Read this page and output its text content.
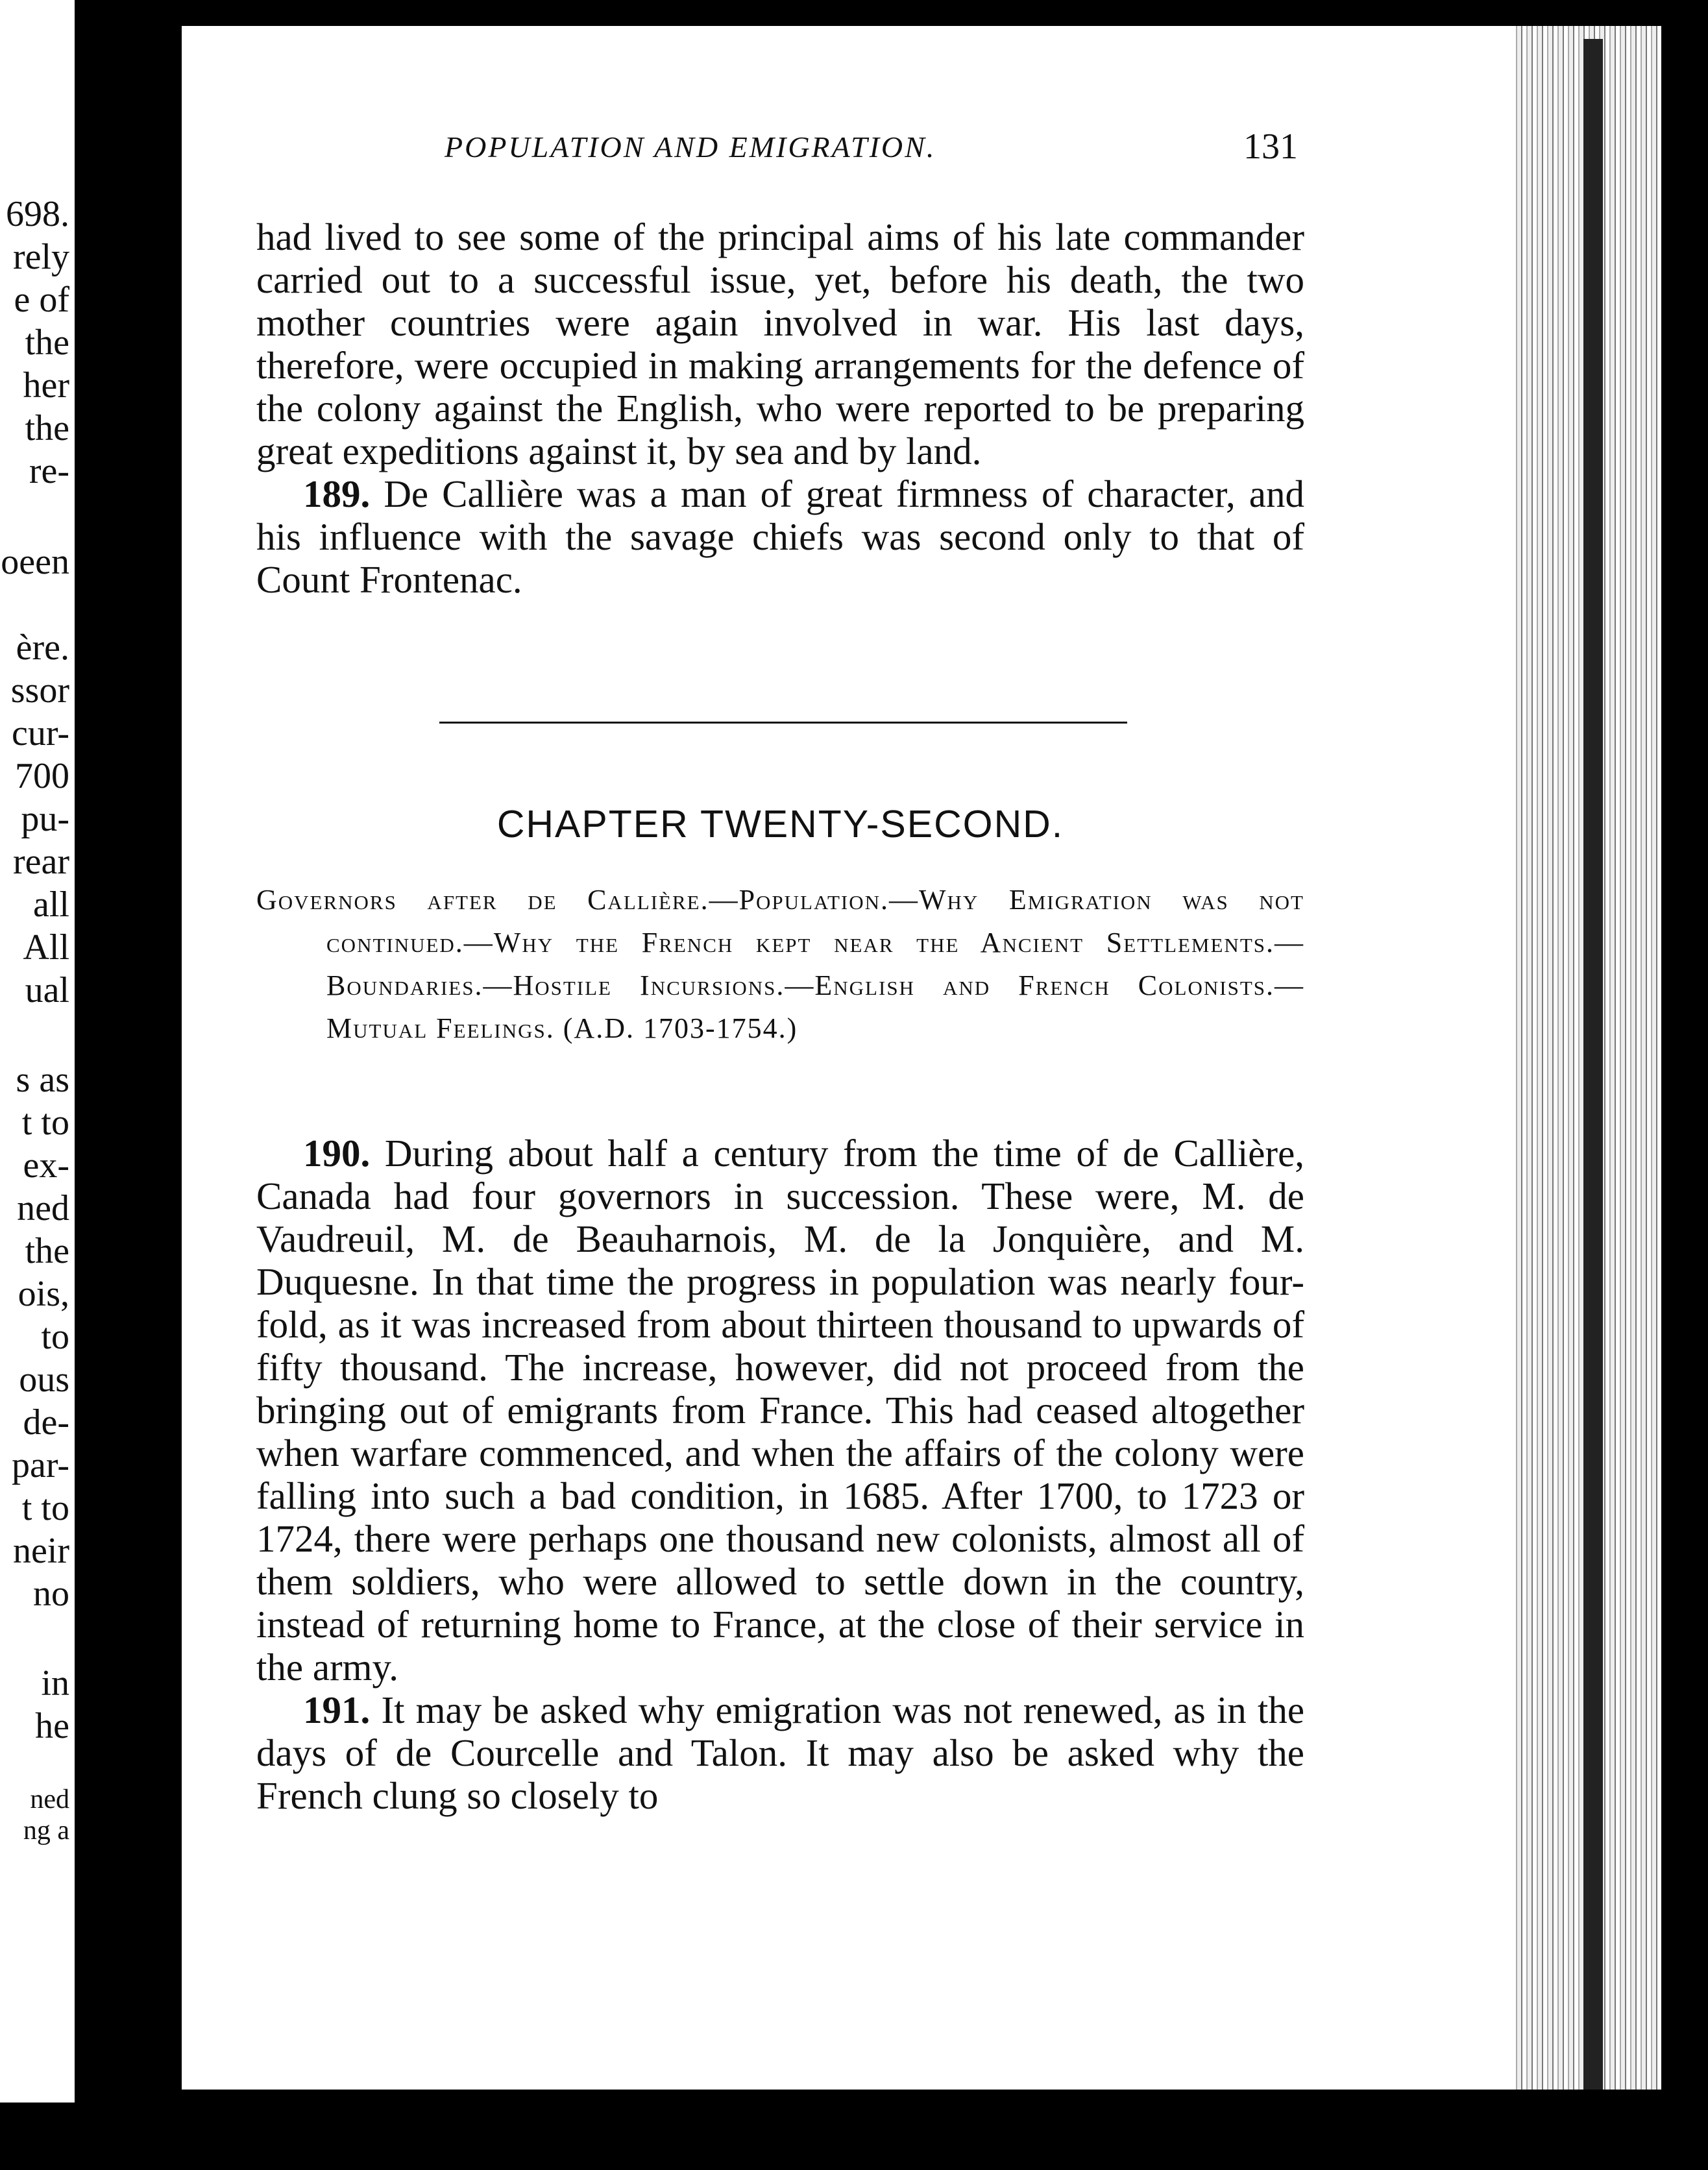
698.
rely
e of
the
her
the
re-
oeen
ère.
ssor
cur-
700
pu-
rear
all
All
ual
s as
t to
ex-
ned
the
ois,
to
ous
de-
par-
t to
neir
no
in
he
ned
ng a
POPULATION AND EMIGRATION.	131

had lived to see some of the principal aims of his late commander carried out to a successful issue, yet, before his death, the two mother countries were again involved in war. His last days, therefore, were occupied in making arrangements for the defence of the colony against the English, who were reported to be preparing great expeditions against it, by sea and by land.

189. De Callière was a man of great firmness of character, and his influence with the savage chiefs was second only to that of Count Frontenac.

CHAPTER TWENTY-SECOND.

Governors after de Callière.—Population.—Why Emigration was not continued.—Why the French kept near the Ancient Settlements.—Boundaries.—Hostile Incursions.—English and French Colonists.—Mutual Feelings. (A.D. 1703-1754.)

190. During about half a century from the time of de Callière, Canada had four governors in succession. These were, M. de Vaudreuil, M. de Beauharnois, M. de la Jonquière, and M. Duquesne. In that time the progress in population was nearly four-fold, as it was increased from about thirteen thousand to upwards of fifty thousand. The increase, however, did not proceed from the bringing out of emigrants from France. This had ceased altogether when warfare commenced, and when the affairs of the colony were falling into such a bad condition, in 1685. After 1700, to 1723 or 1724, there were perhaps one thousand new colonists, almost all of them soldiers, who were allowed to settle down in the country, instead of returning home to France, at the close of their service in the army.

191. It may be asked why emigration was not renewed, as in the days of de Courcelle and Talon. It may also be asked why the French clung so closely to
